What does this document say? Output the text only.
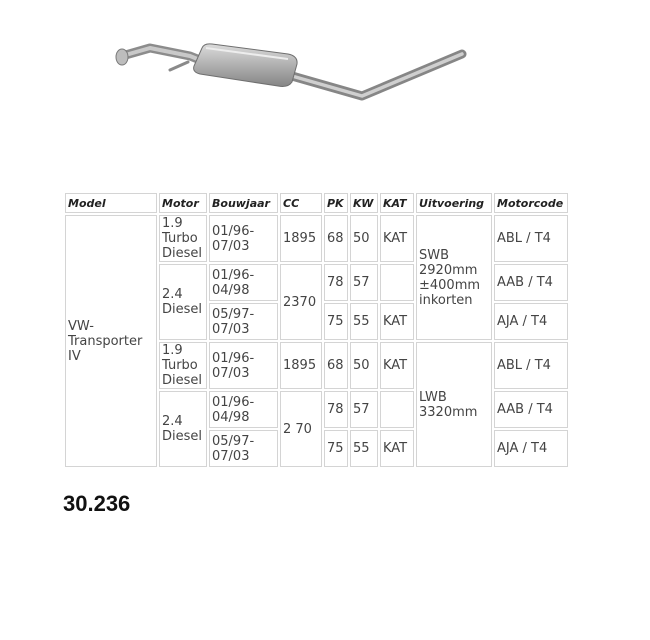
Model	Motor	Bouwjaar	CC	PK	KW	KAT	Uitvoering	Motorcode
VW-Transporter IV	1.9 Turbo Diesel	01/96-07/03	1895	68	50	KAT	SWB 2920mm ±400mm inkorten	ABL / T4
	2.4 Diesel	01/96-04/98	2370	78	57			AAB / T4
		05/97-07/03		75	55	KAT		AJA / T4
	1.9 Turbo Diesel	01/96-07/03	1895	68	50	KAT	LWB 3320mm	ABL / T4
	2.4 Diesel	01/96-04/98	2 70	78	57			AAB / T4
		05/97-07/03		75	55	KAT		AJA / T4
30.236
